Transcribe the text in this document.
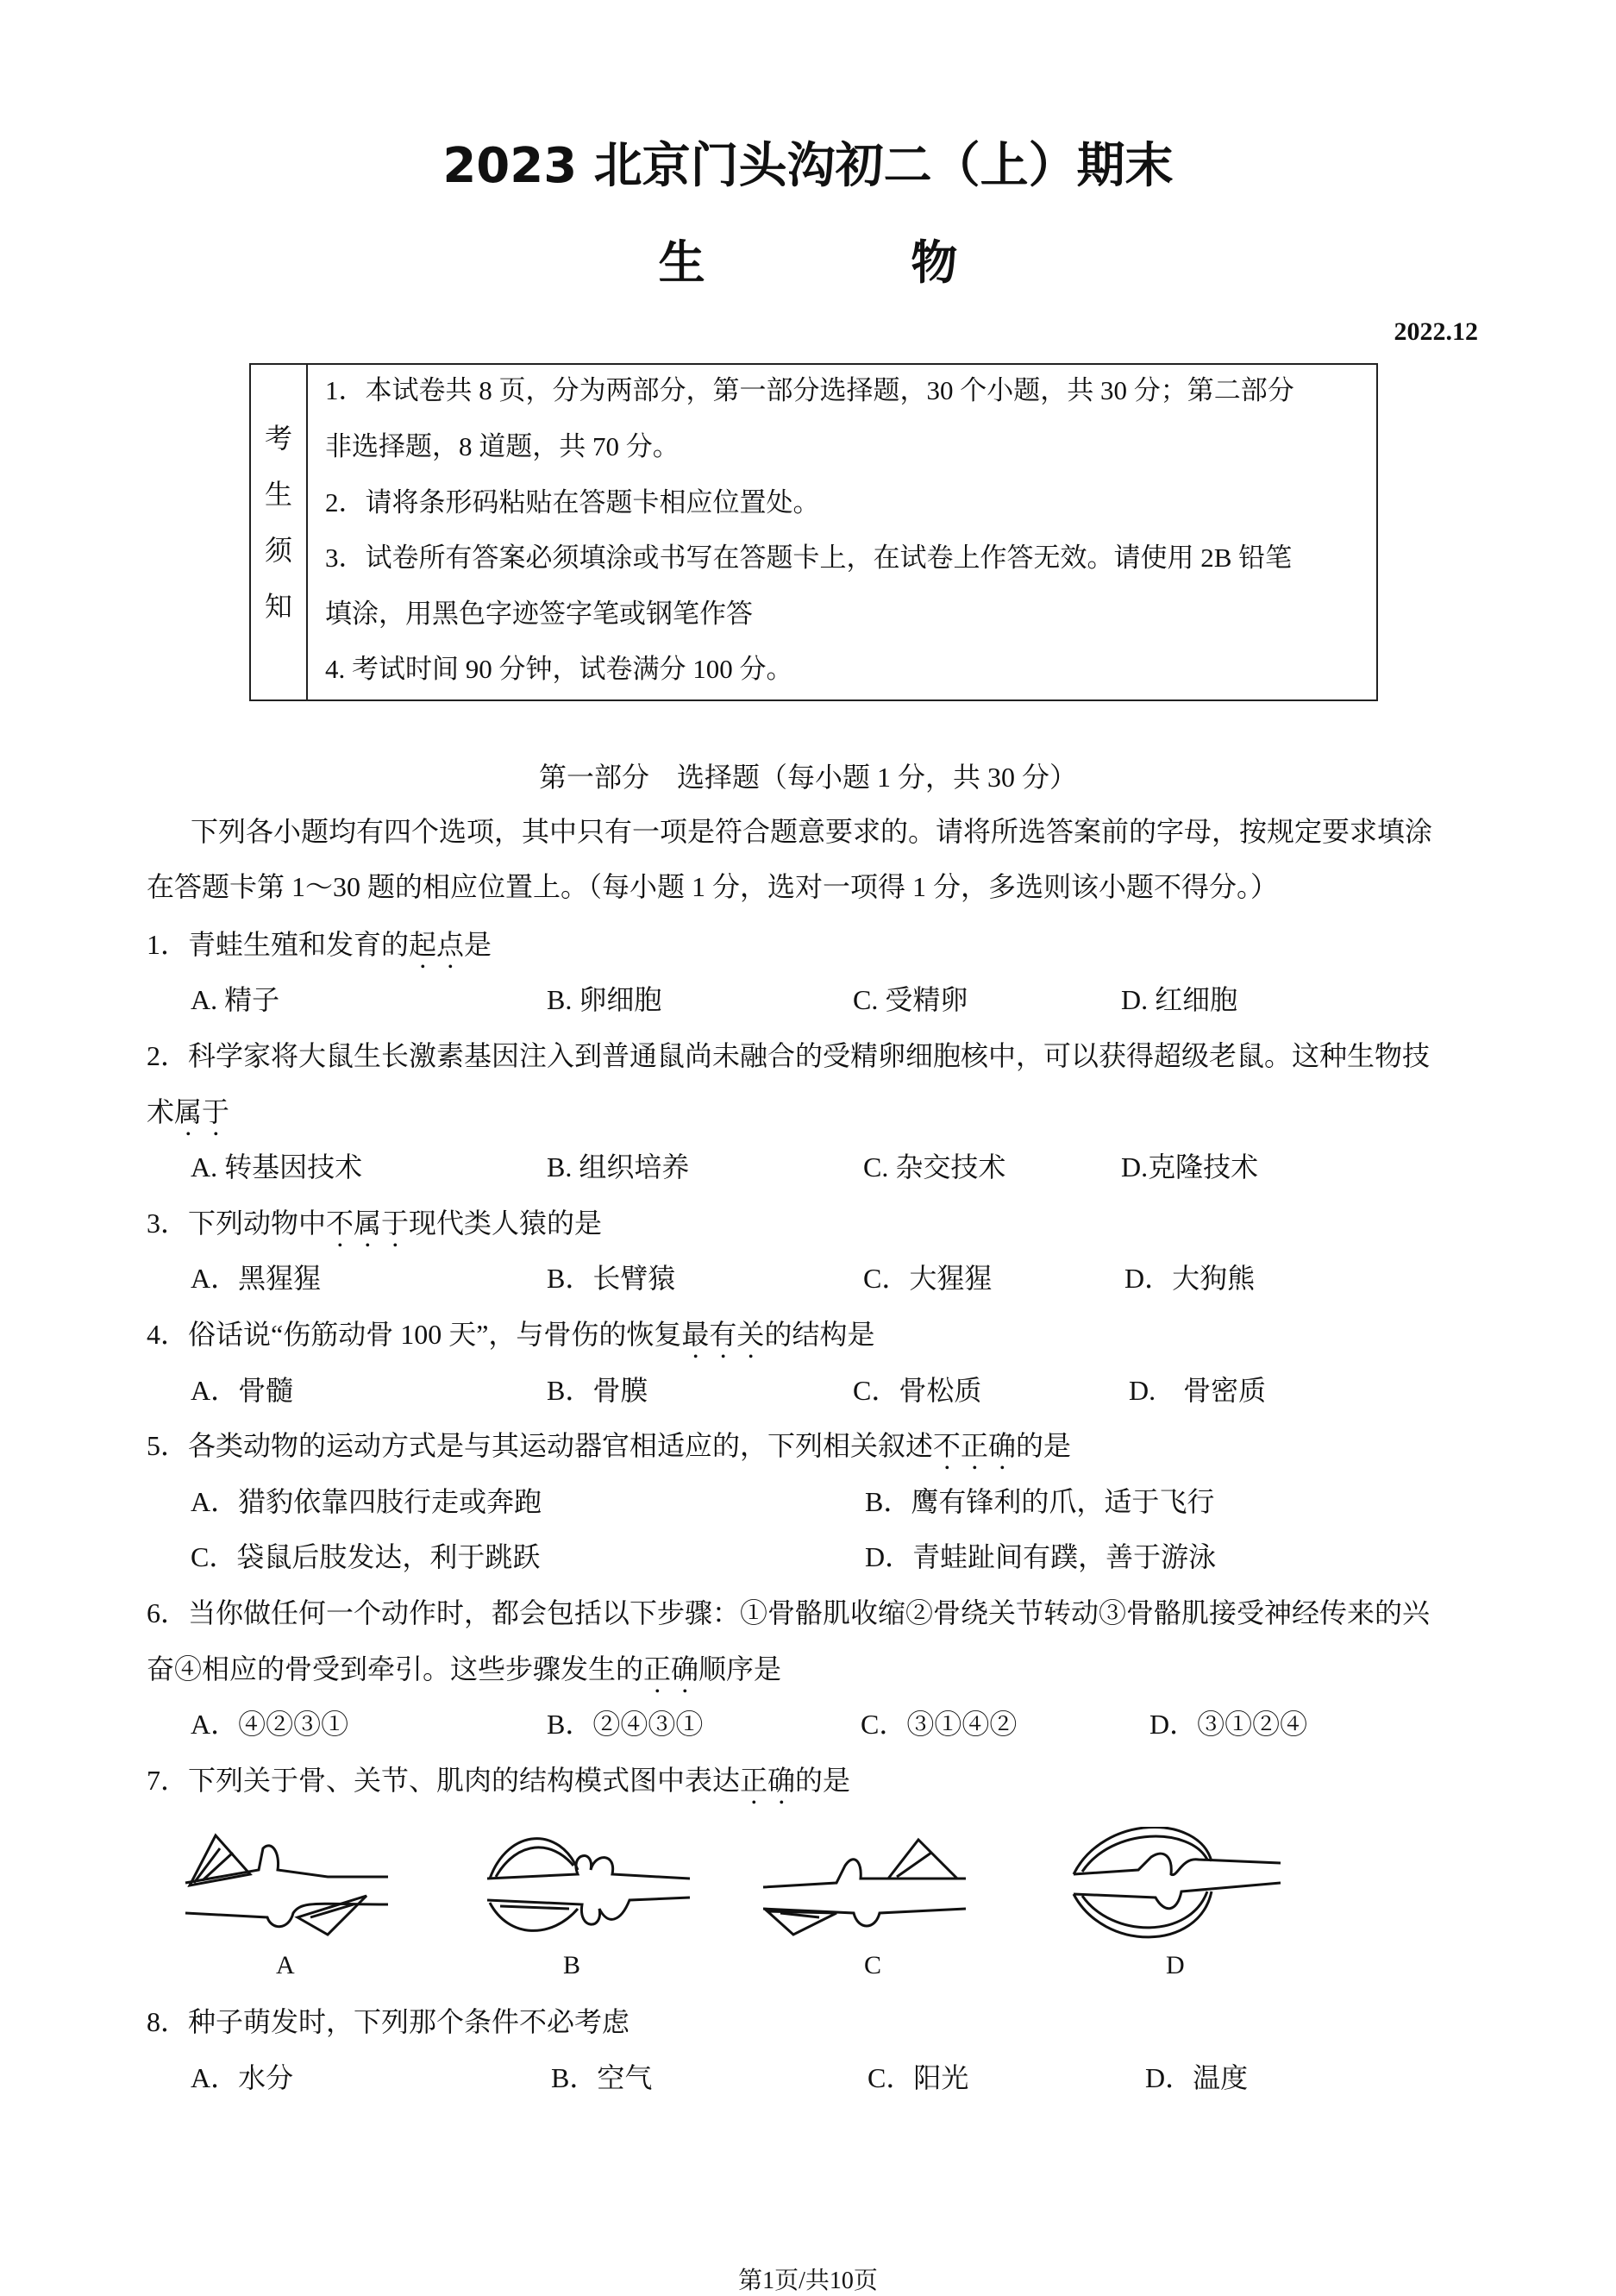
2023 北京门头沟初二（上）期末
生 物
2022.12
考
生
须
知
1．本试卷共 8 页，分为两部分，第一部分选择题，30 个小题，共 30 分；第二部分
非选择题，8 道题，共 70 分。
2．请将条形码粘贴在答题卡相应位置处。
3．试卷所有答案必须填涂或书写在答题卡上，在试卷上作答无效。请使用 2B 铅笔
填涂，用黑色字迹签字笔或钢笔作答
4. 考试时间 90 分钟，试卷满分 100 分。
第一部分　选择题（每小题 1 分，共 30 分）
下列各小题均有四个选项，其中只有一项是符合题意要求的。请将所选答案前的字母，按规定要求填涂
在答题卡第 1～30 题的相应位置上。（每小题 1 分，选对一项得 1 分，多选则该小题不得分。）
1．青蛙生殖和发育的起点是
A. 精子	B. 卵细胞	C. 受精卵	D. 红细胞
2．科学家将大鼠生长激素基因注入到普通鼠尚未融合的受精卵细胞核中，可以获得超级老鼠。这种生物技
术属于
A. 转基因技术	B. 组织培养	C. 杂交技术	D.克隆技术
3．下列动物中不属于现代类人猿的是
A．黑猩猩	B．长臂猿	C．大猩猩	D．大狗熊
4．俗话说“伤筋动骨 100 天”，与骨伤的恢复最有关的结构是
A．骨髓	B．骨膜	C．骨松质	D.　骨密质
5．各类动物的运动方式是与其运动器官相适应的，下列相关叙述不正确的是
A．猎豹依靠四肢行走或奔跑	B．鹰有锋利的爪，适于飞行
C．袋鼠后肢发达，利于跳跃	D．青蛙趾间有蹼，善于游泳
6．当你做任何一个动作时，都会包括以下步骤：①骨骼肌收缩②骨绕关节转动③骨骼肌接受神经传来的兴
奋④相应的骨受到牵引。这些步骤发生的正确顺序是
A．④②③①	B．②④③①	C．③①④②	D．③①②④
7．下列关于骨、关节、肌肉的结构模式图中表达正确的是
A	B	C	D
8．种子萌发时，下列那个条件不必考虑
A．水分	B．空气	C．阳光	D．温度
第1页/共10页
